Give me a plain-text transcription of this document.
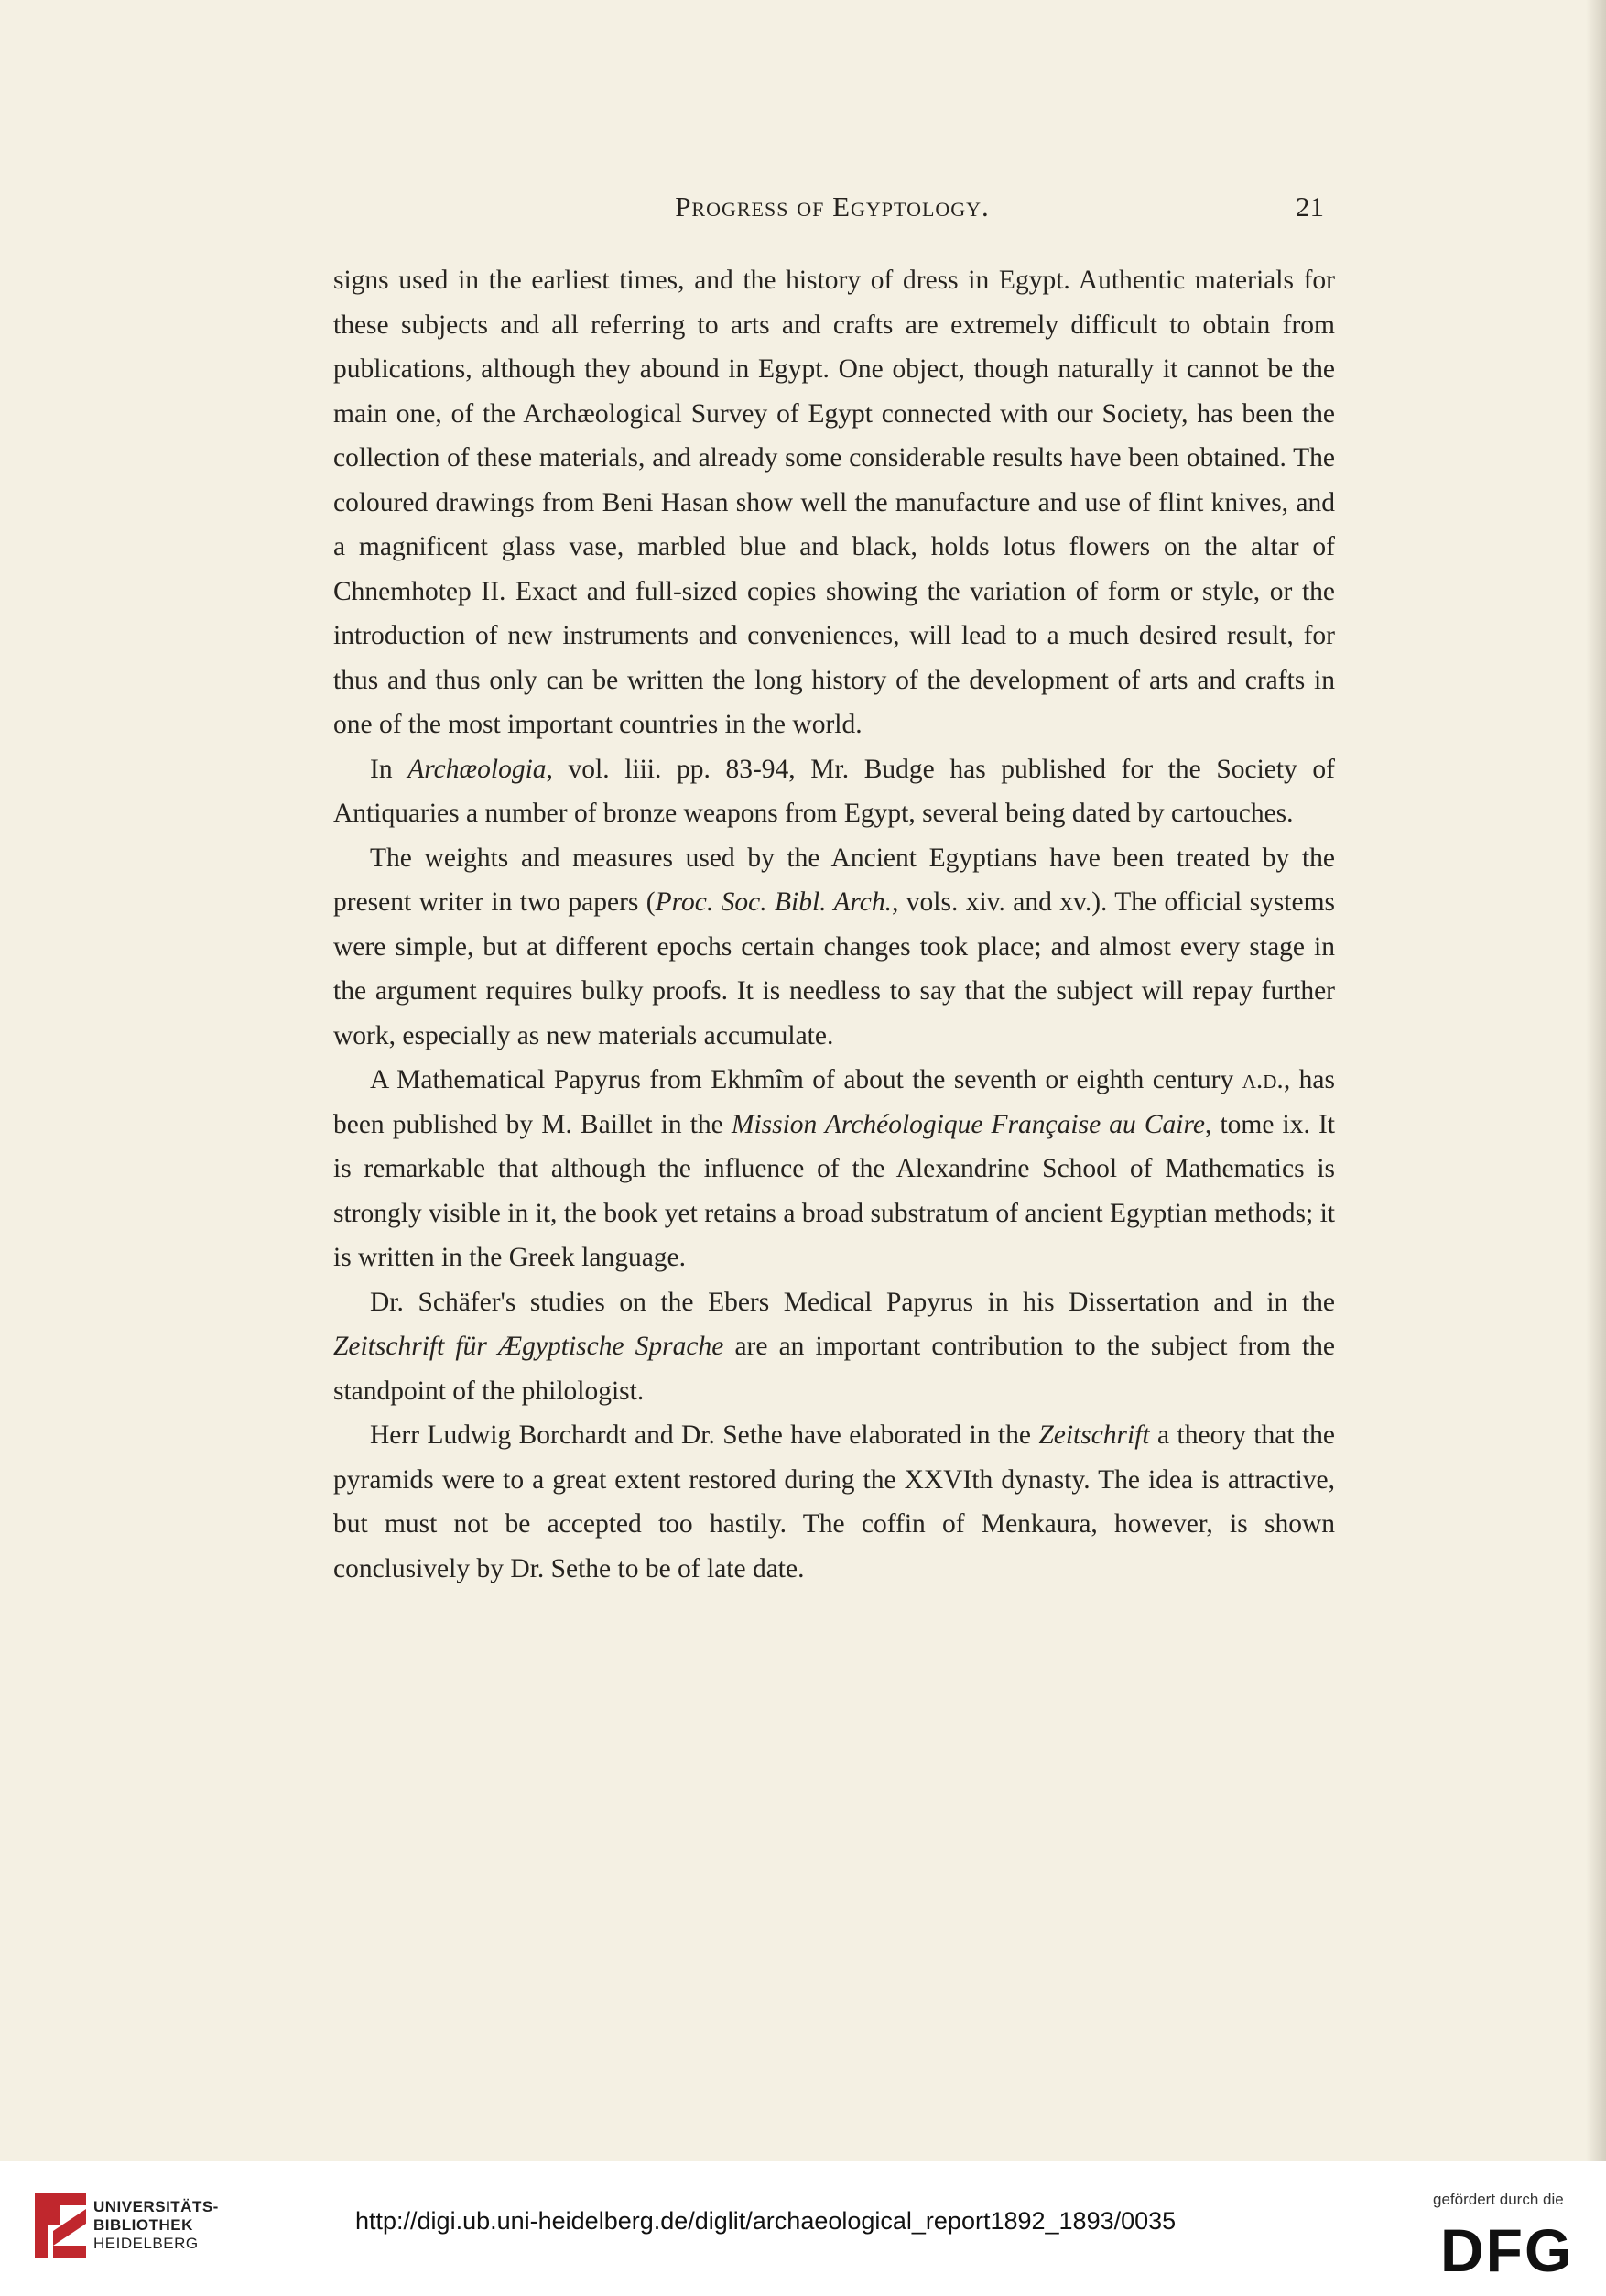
Progress of Egyptology.	21

signs used in the earliest times, and the history of dress in Egypt. Authentic materials for these subjects and all referring to arts and crafts are extremely difficult to obtain from publications, although they abound in Egypt. One object, though naturally it cannot be the main one, of the Archæological Survey of Egypt connected with our Society, has been the collection of these materials, and already some considerable results have been obtained. The coloured drawings from Beni Hasan show well the manufacture and use of flint knives, and a magnificent glass vase, marbled blue and black, holds lotus flowers on the altar of Chnemhotep II. Exact and full-sized copies showing the variation of form or style, or the introduction of new instruments and conveniences, will lead to a much desired result, for thus and thus only can be written the long history of the development of arts and crafts in one of the most important countries in the world.

In Archæologia, vol. liii. pp. 83-94, Mr. Budge has published for the Society of Antiquaries a number of bronze weapons from Egypt, several being dated by cartouches.

The weights and measures used by the Ancient Egyptians have been treated by the present writer in two papers (Proc. Soc. Bibl. Arch., vols. xiv. and xv.). The official systems were simple, but at different epochs certain changes took place; and almost every stage in the argument requires bulky proofs. It is needless to say that the subject will repay further work, especially as new materials accumulate.

A Mathematical Papyrus from Ekhmîm of about the seventh or eighth century a.d., has been published by M. Baillet in the Mission Archéologique Française au Caire, tome ix. It is remarkable that although the influence of the Alexandrine School of Mathematics is strongly visible in it, the book yet retains a broad substratum of ancient Egyptian methods; it is written in the Greek language.

Dr. Schäfer's studies on the Ebers Medical Papyrus in his Dissertation and in the Zeitschrift für Ægyptische Sprache are an important contribution to the subject from the standpoint of the philologist.

Herr Ludwig Borchardt and Dr. Sethe have elaborated in the Zeitschrift a theory that the pyramids were to a great extent restored during the XXVIth dynasty. The idea is attractive, but must not be accepted too hastily. The coffin of Menkaura, however, is shown conclusively by Dr. Sethe to be of late date.

UNIVERSITÄTS-
BIBLIOTHEK
HEIDELBERG
http://digi.ub.uni-heidelberg.de/diglit/archaeological_report1892_1893/0035
gefördert durch die
DFG
